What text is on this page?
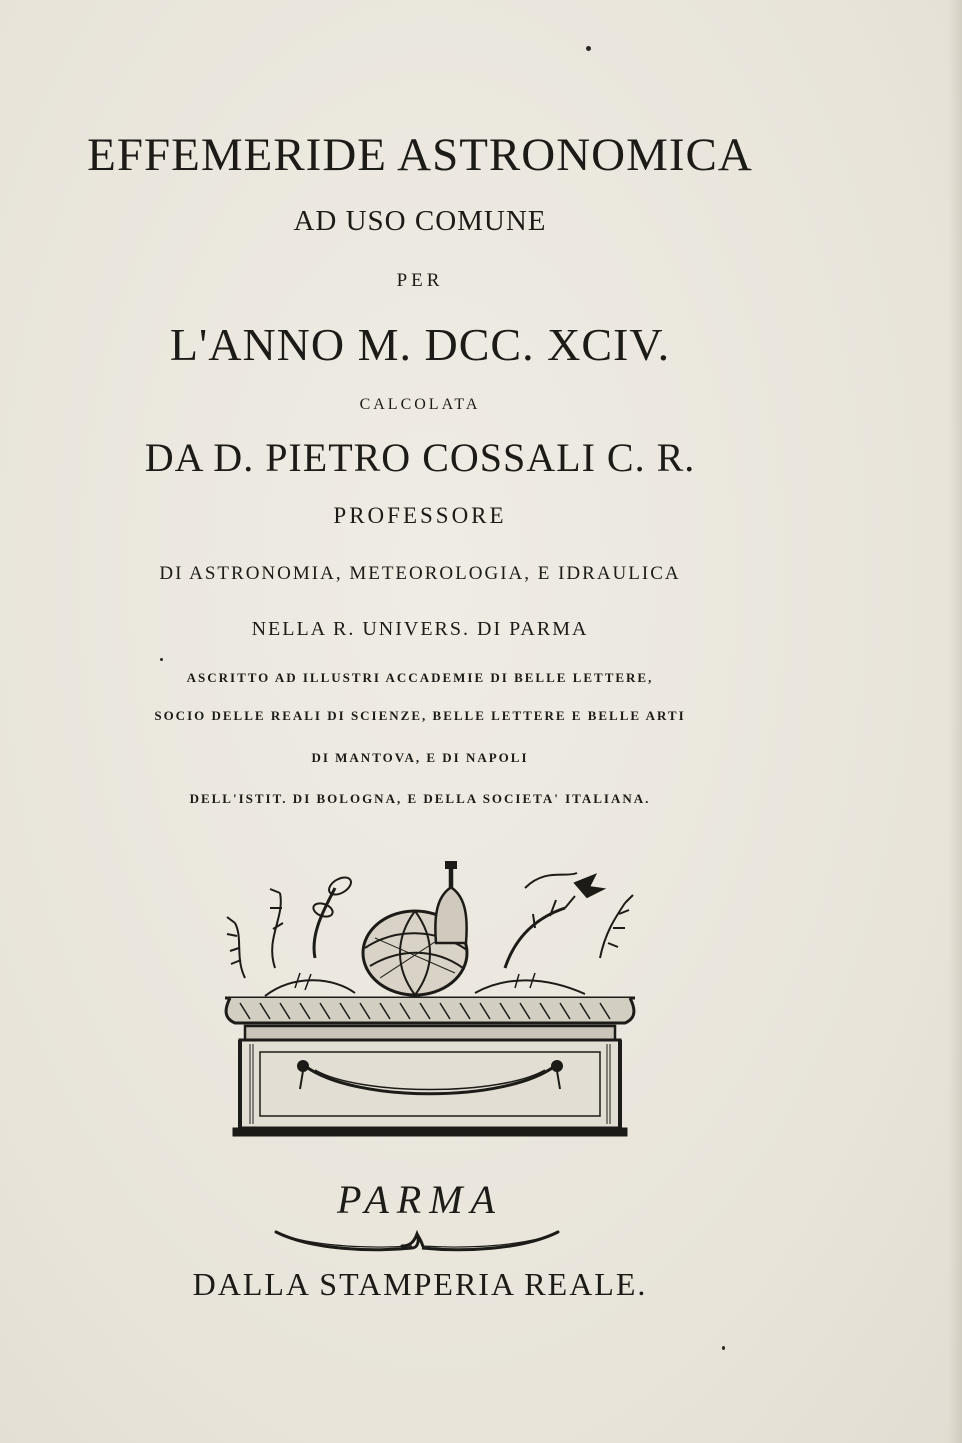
EFFEMERIDE ASTRONOMICA
AD USO COMUNE
PER
L'ANNO M. DCC. XCIV.
CALCOLATA
DA D. PIETRO COSSALI C. R.
PROFESSORE
DI ASTRONOMIA, METEOROLOGIA, E IDRAULICA
NELLA R. UNIVERS. DI PARMA
ASCRITTO AD ILLUSTRI ACCADEMIE DI BELLE LETTERE,
SOCIO DELLE REALI DI SCIENZE, BELLE LETTERE E BELLE ARTI
DI MANTOVA, E DI NAPOLI
DELL'ISTIT. DI BOLOGNA, E DELLA SOCIETA' ITALIANA.
PARMA
DALLA STAMPERIA REALE.
